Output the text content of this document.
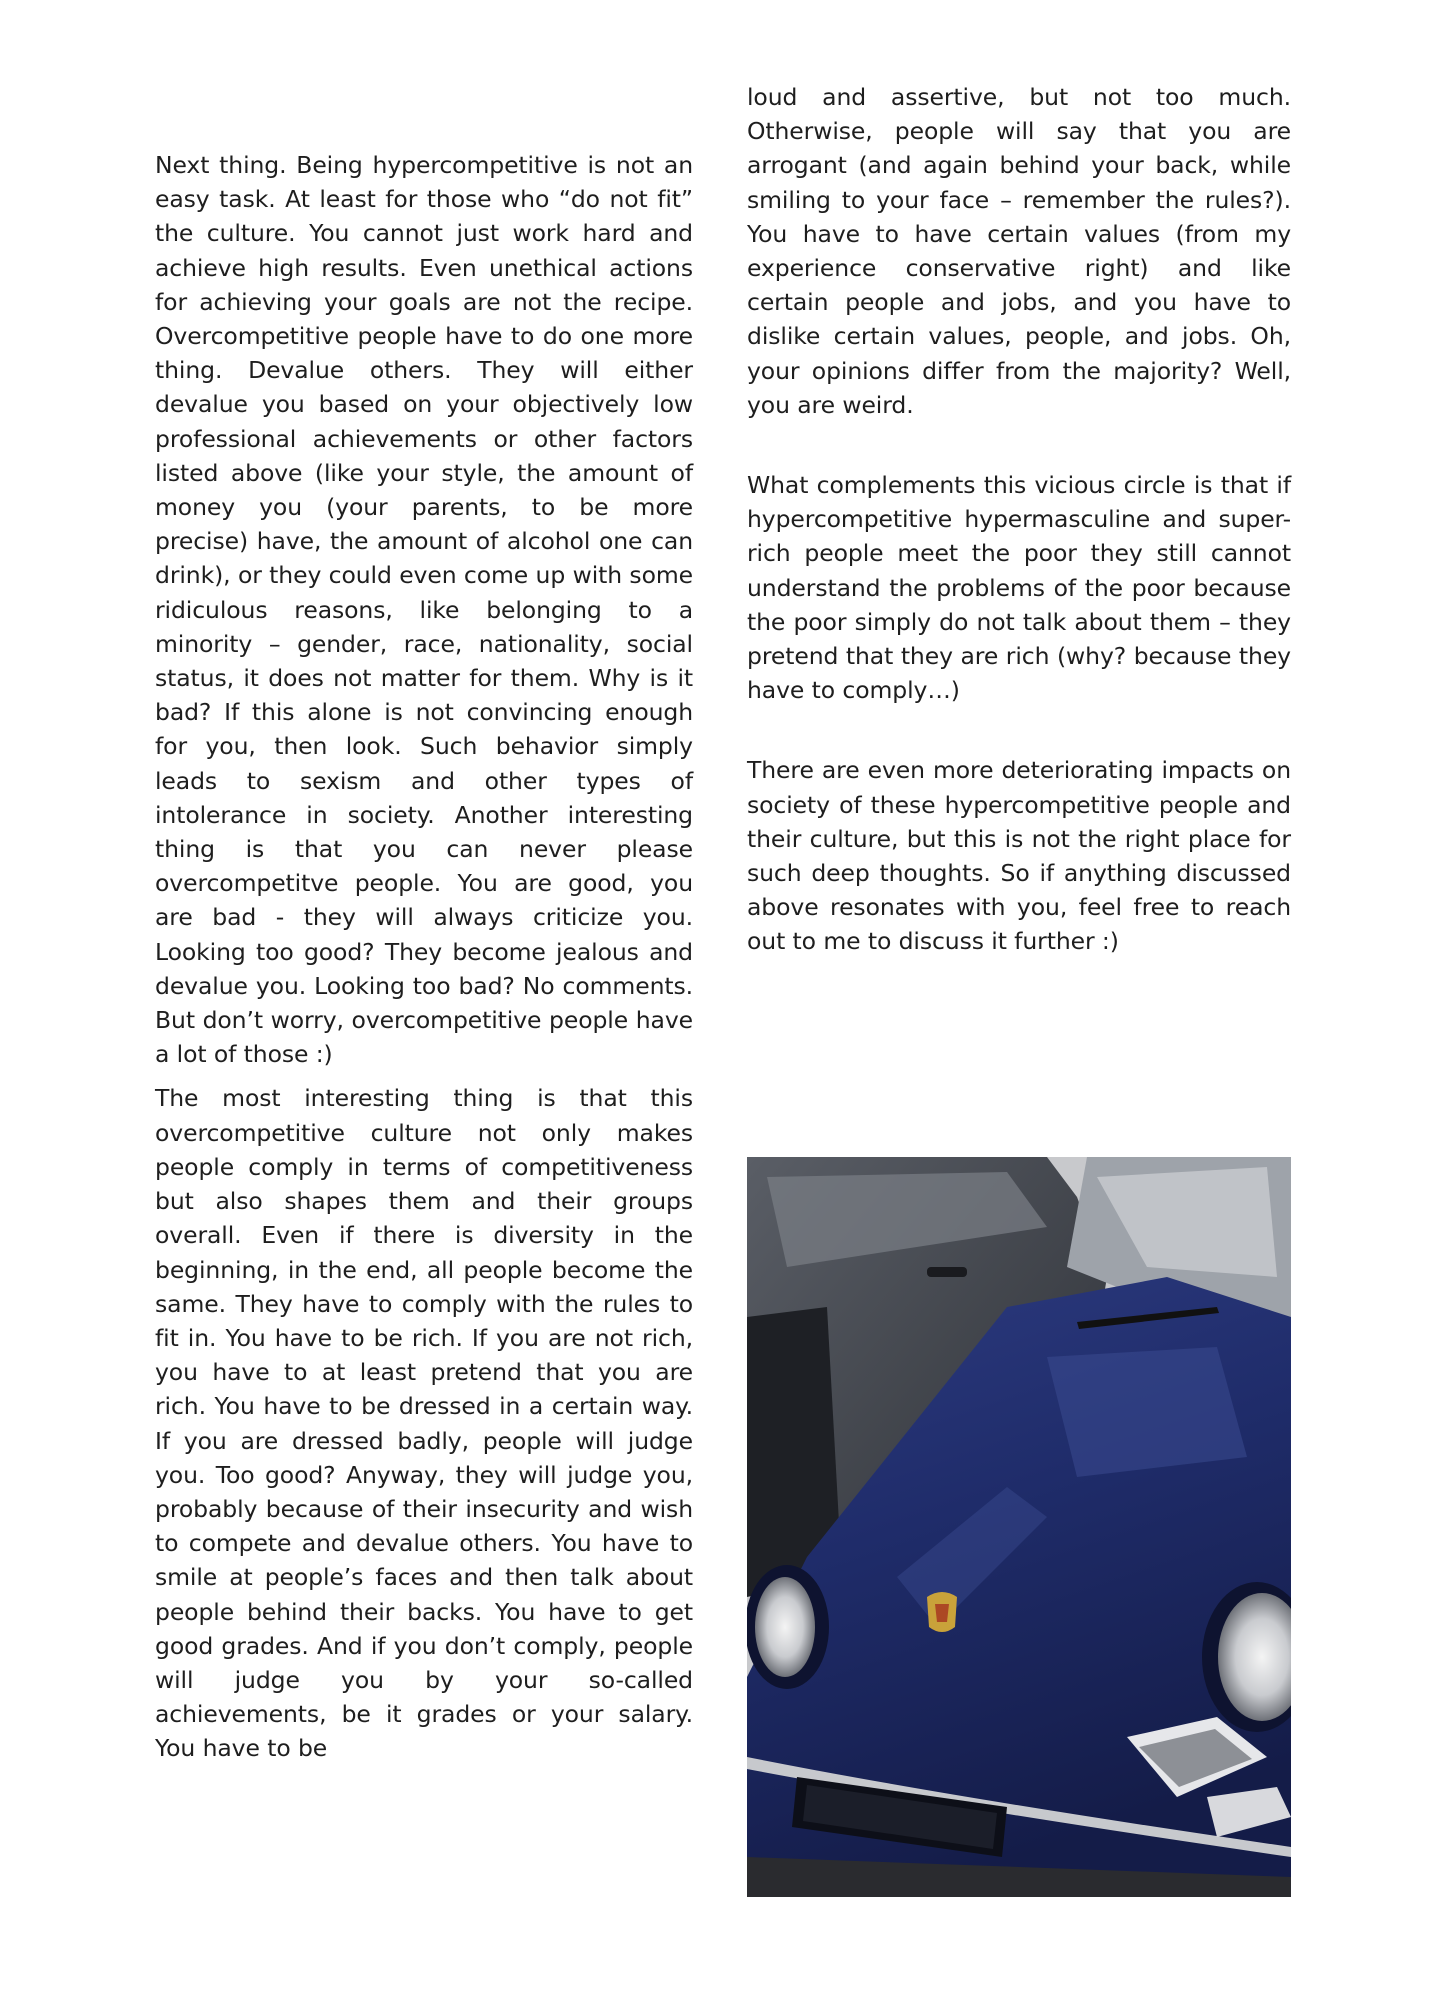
Next thing. Being hypercompetitive is not an easy task. At least for those who “do not fit” the culture. You cannot just work hard and achieve high results. Even unethical actions for achieving your goals are not the recipe. Overcompetitive people have to do one more thing. Devalue others. They will either devalue you based on your objectively low professional achievements or other factors listed above (like your style, the amount of money you (your parents, to be more precise) have, the amount of alcohol one can drink), or they could even come up with some ridiculous reasons, like belonging to a minority – gender, race, nationality, social status, it does not matter for them. Why is it bad? If this alone is not convincing enough for you, then look. Such behavior simply leads to sexism and other types of intolerance in society. Another interesting thing is that you can never please overcompetitve people. You are good, you are bad - they will always criticize you. Looking too good? They become jealous and devalue you. Looking too bad? No comments. But don’t worry, overcompetitive people have a lot of those :)

The most interesting thing is that this overcompetitive culture not only makes people comply in terms of competitiveness but also shapes them and their groups overall. Even if there is diversity in the beginning, in the end, all people become the same. They have to comply with the rules to fit in. You have to be rich. If you are not rich, you have to at least pretend that you are rich. You have to be dressed in a certain way. If you are dressed badly, people will judge you. Too good? Anyway, they will judge you, probably because of their insecurity and wish to compete and devalue others. You have to smile at people’s faces and then talk about people behind their backs. You have to get good grades. And if you don’t comply, people will judge you by your so-called achievements, be it grades or your salary. You have to be

loud and assertive, but not too much. Otherwise, people will say that you are arrogant (and again behind your back, while smiling to your face – remember the rules?). You have to have certain values (from my experience conservative right) and like certain people and jobs, and you have to dislike certain values, people, and jobs. Oh, your opinions differ from the majority? Well, you are weird.

What complements this vicious circle is that if hypercompetitive hypermasculine and super-rich people meet the poor they still cannot understand the problems of the poor because the poor simply do not talk about them – they pretend that they are rich (why? because they have to comply…)

There are even more deteriorating impacts on society of these hypercompetitive people and their culture, but this is not the right place for such deep thoughts. So if anything discussed above resonates with you, feel free to reach out to me to discuss it further :)
